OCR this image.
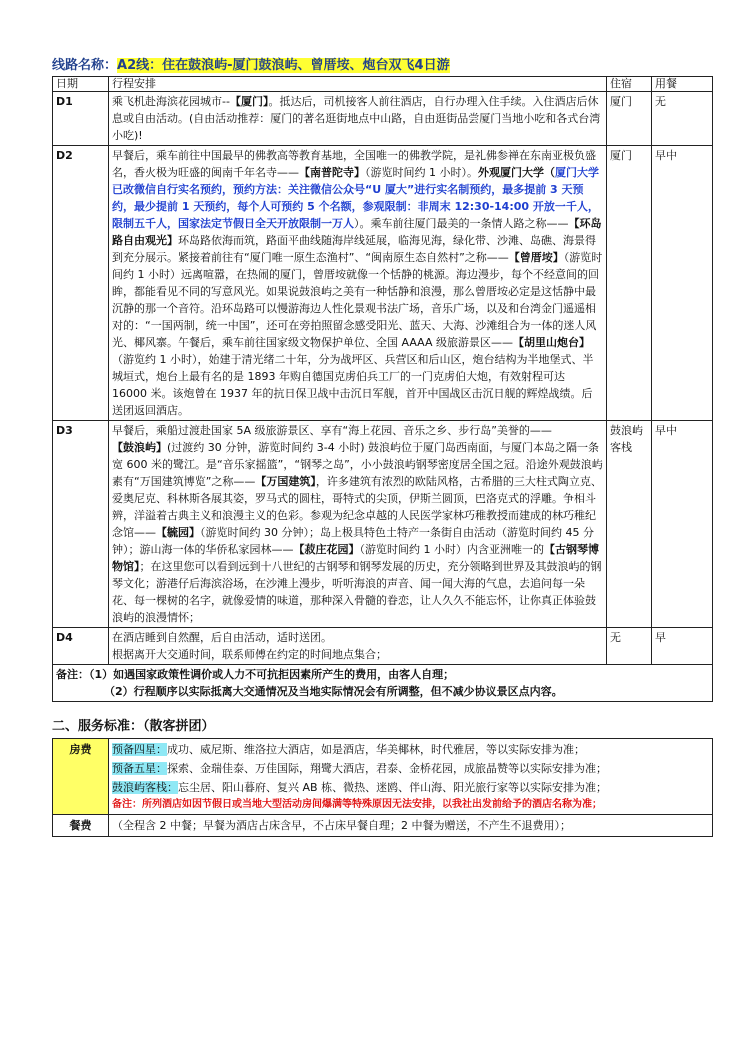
线路名称：A2线：住在鼓浪屿-厦门鼓浪屿、曾厝垵、炮台双飞4日游
日期	行程安排	住宿	用餐
D1	乘飞机赴海滨花园城市--【厦门】。抵达后，司机接客人前往酒店，自行办理入住手续。入住酒店后休息或自由活动。(自由活动推荐：厦门的著名逛街地点中山路，自由逛街品尝厦门当地小吃和各式台湾小吃)!	厦门	无
D2	早餐后，乘车前往中国最早的佛教高等教育基地，全国唯一的佛教学院，是礼佛参禅在东南亚极负盛名，香火极为旺盛的闽南千年名寺——【南普陀寺】（游览时间约 1 小时）。外观厦门大学（厦门大学已改微信自行实名预约，预约方法：关注微信公众号“U 厦大”进行实名制预约，最多提前 3 天预约，最少提前 1 天预约，每个人可预约 5 个名额，参观限制：非周末 12:30-14:00 开放一千人，限制五千人，国家法定节假日全天开放限制一万人）。乘车前往厦门最美的一条情人路之称——【环岛路自由观光】环岛路依海而筑，路面平曲线随海岸线延展，临海见海，绿化带、沙滩、岛礁、海景得到充分展示。紧接着前往有“厦门唯一原生态渔村”、“闽南原生态自然村”之称——【曾厝垵】（游览时间约 1 小时）远离喧嚣，在热闹的厦门，曾厝垵就像一个恬静的桃源。海边漫步，每个不经意间的回眸，都能看见不同的写意风光。如果说鼓浪屿之美有一种恬静和浪漫，那么曾厝垵必定是这恬静中最沉静的那一个音符。沿环岛路可以慢游海边人性化景观书法广场，音乐广场，以及和台湾金门遥遥相对的：“一国两制，统一中国”，还可在旁拍照留念感受阳光、蓝天、大海、沙滩组合为一体的迷人风光、椰风寨。午餐后，乘车前往国家级文物保护单位、全国 AAAA 级旅游景区——【胡里山炮台】（游览约 1 小时），始建于清光绪二十年，分为战坪区、兵营区和后山区，炮台结构为半地堡式、半城垣式，炮台上最有名的是 1893 年购自德国克虏伯兵工厂的一门克虏伯大炮，有效射程可达 16000 米。该炮曾在 1937 年的抗日保卫战中击沉日军舰，首开中国战区击沉日舰的辉煌战绩。后送团返回酒店。	厦门	早中
D3	早餐后，乘船过渡赴国家 5A 级旅游景区、享有“海上花园、音乐之乡、步行岛”美誉的——【鼓浪屿】(过渡约 30 分钟，游览时间约 3-4 小时) 鼓浪屿位于厦门岛西南面，与厦门本岛之隔一条宽 600 米的鹭江。是“音乐家摇篮”，“钢琴之岛”，小小鼓浪屿钢琴密度居全国之冠。沿途外观鼓浪屿素有“万国建筑博览”之称——【万国建筑】，许多建筑有浓烈的欧陆风格，古希腊的三大柱式陶立克、爱奥尼克、科林斯各展其姿，罗马式的圆柱，哥特式的尖顶，伊斯兰圆顶，巴洛克式的浮雕。争相斗辨，洋溢着古典主义和浪漫主义的色彩。参观为纪念卓越的人民医学家林巧稚教授而建成的林巧稚纪念馆——【毓园】（游览时间约 30 分钟）；岛上极具特色土特产一条街自由活动（游览时间约 45 分钟）；游山海一体的华侨私家园林——【菽庄花园】（游览时间约 1 小时）内含亚洲唯一的【古钢琴博物馆】；在这里您可以看到远到十八世纪的古钢琴和钢琴发展的历史，充分领略到世界及其鼓浪屿的钢琴文化；游港仔后海滨浴场，在沙滩上漫步，听听海浪的声音、闻一闻大海的气息，去追问每一朵花、每一棵树的名字，就像爱情的味道，那种深入骨髓的眷恋，让人久久不能忘怀，让你真正体验鼓浪屿的浪漫情怀；	鼓浪屿客栈	早中
D4	在酒店睡到自然醒，后自由活动，适时送团。
根据离开大交通时间，联系师傅在约定的时间地点集合；	无	早

备注：（1）如遇国家政策性调价或人力不可抗拒因素所产生的费用，由客人自理；
（2）行程顺序以实际抵离大交通情况及当地实际情况会有所调整，但不减少协议景区点内容。			
二、服务标准：（散客拼团）
房费	预备四星：成功、威尼斯、维洛拉大酒店，如是酒店，华美椰林，时代雅居，等以实际安排为准；
预备五星：探索、金瑞佳泰、万佳国际，翔鹭大酒店，君泰、金桥花园，成旅晶赞等以实际安排为准；
鼓浪屿客栈：忘尘居、阳山暮府、复兴 AB 栋、微热、迷鸥、伴山海、阳光旅行家等以实际安排为准；
备注：所列酒店如因节假日或当地大型活动房间爆满等特殊原因无法安排，以我社出发前给予的酒店名称为准；

餐费	（全程含 2 中餐；早餐为酒店占床含早，不占床早餐自理；2 中餐为赠送，不产生不退费用）；
